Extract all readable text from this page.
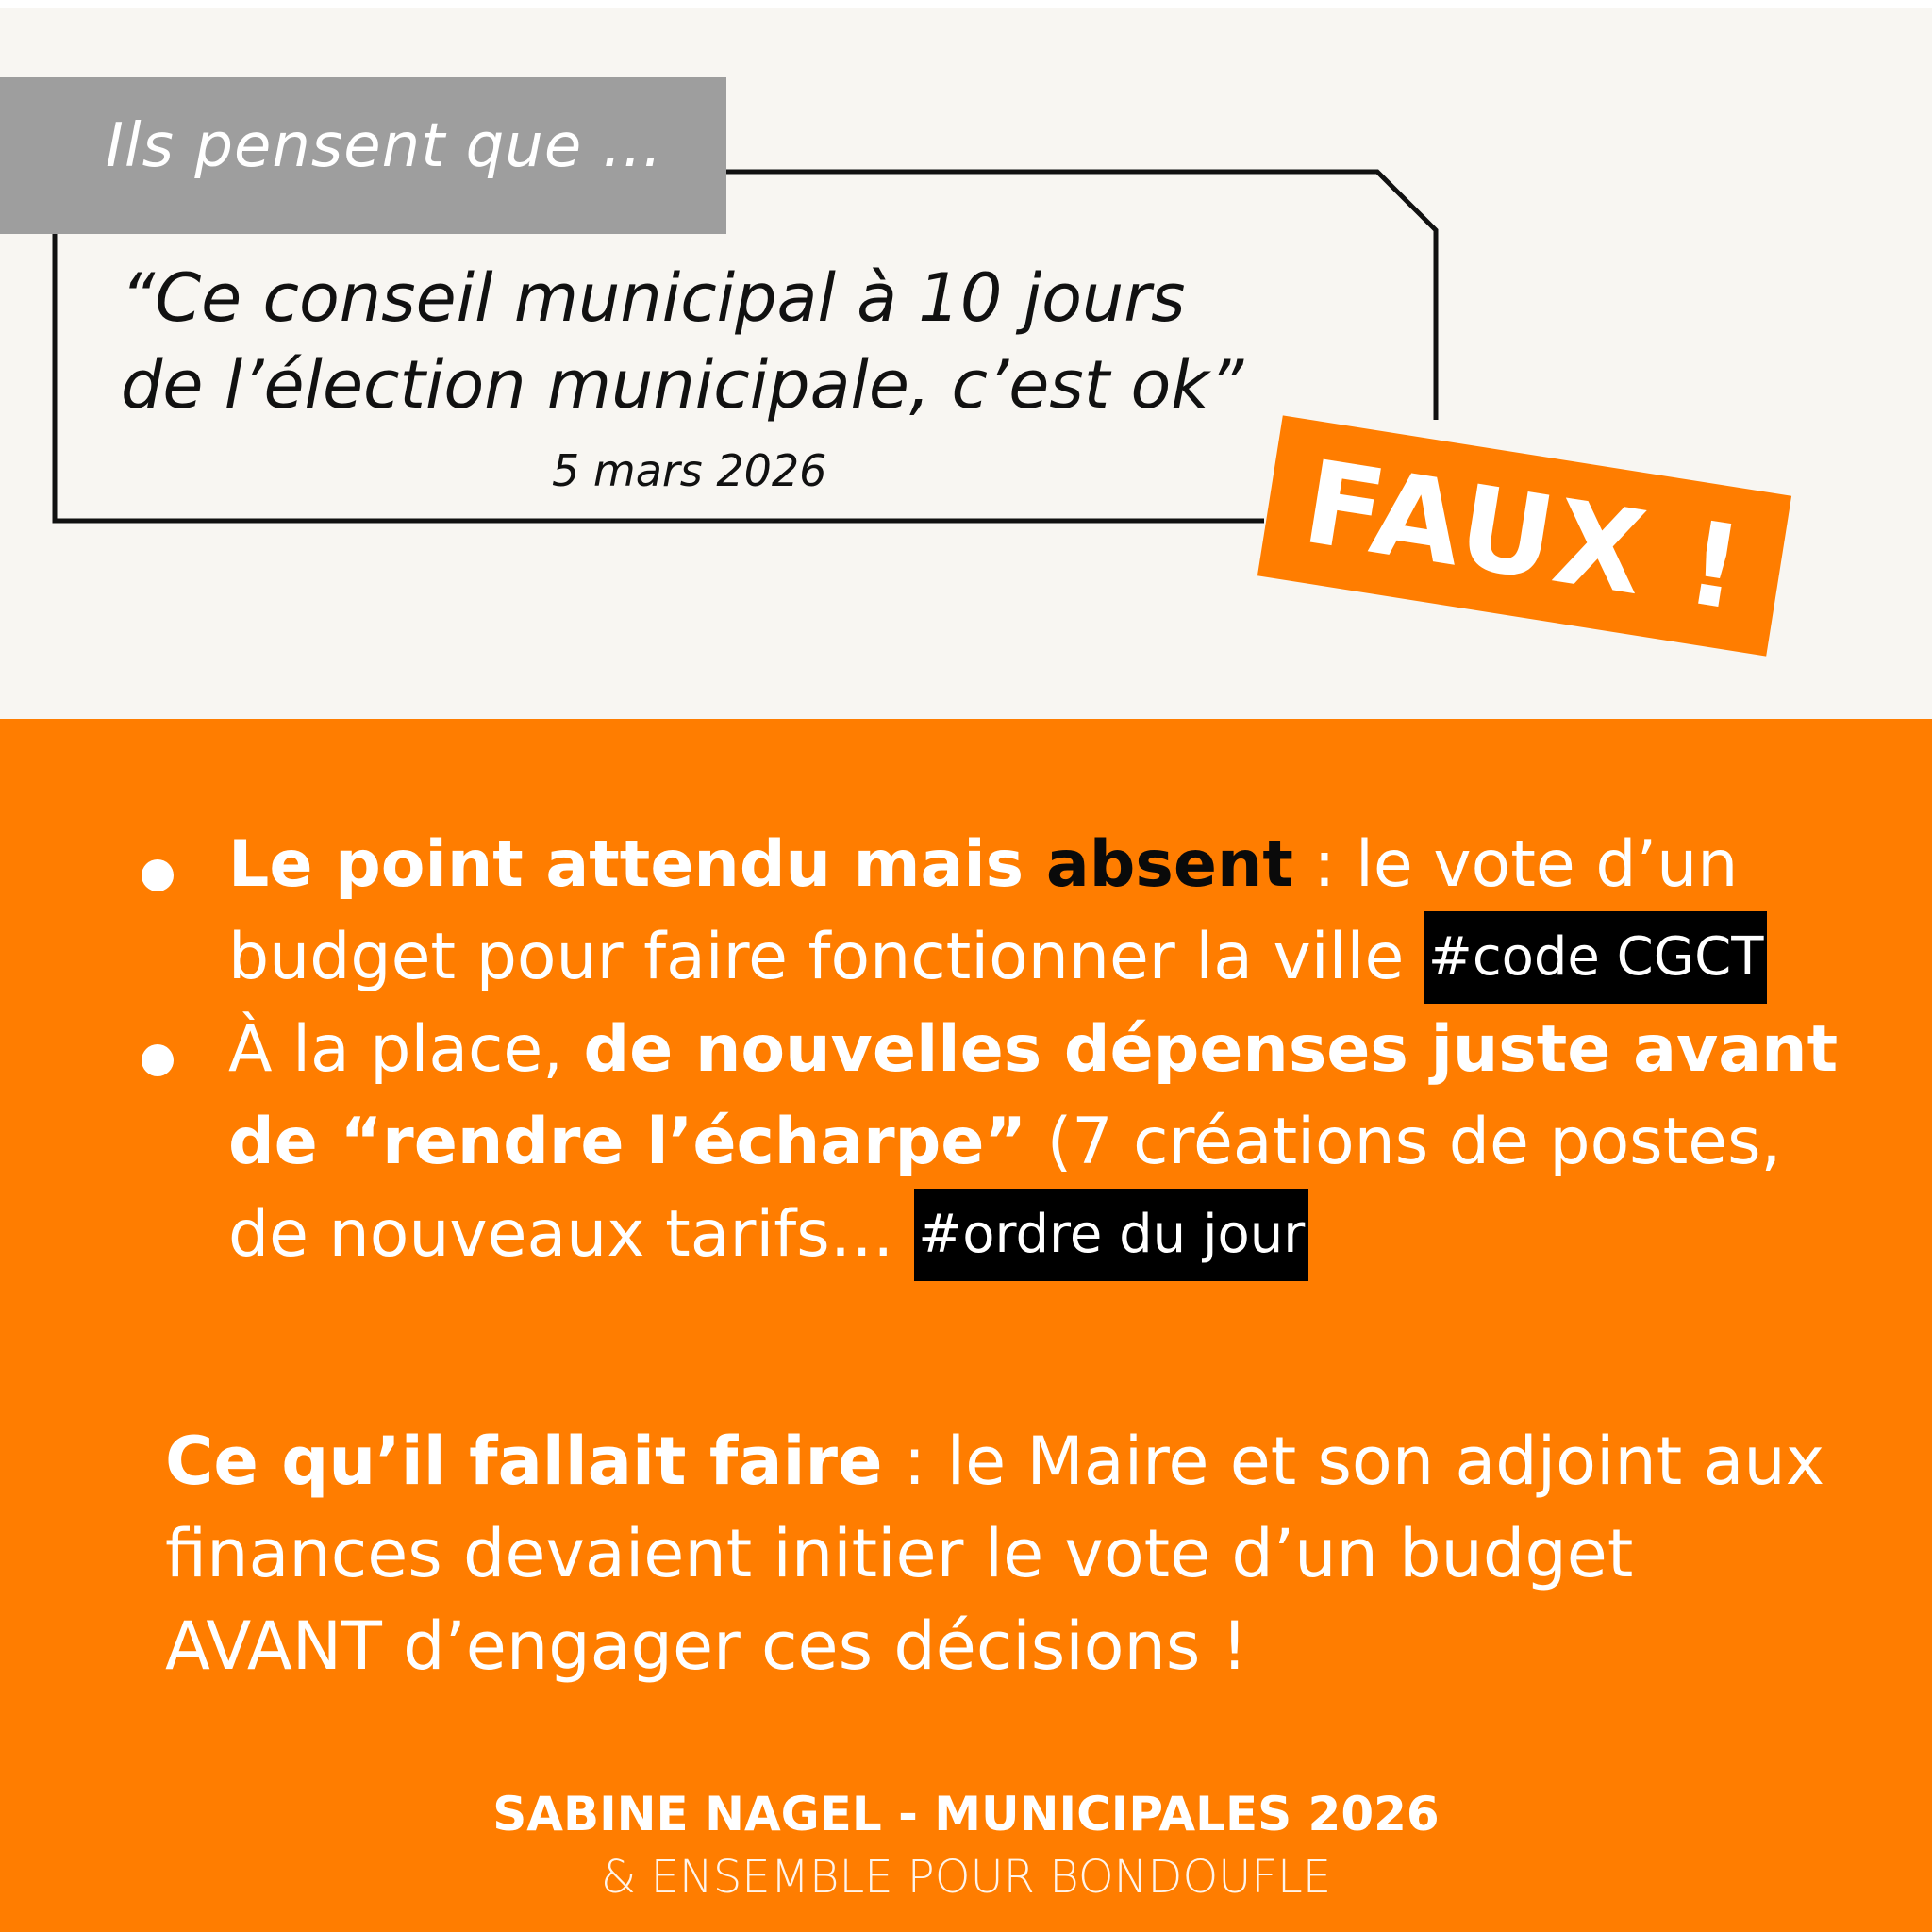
Ils pensent que ...
“Ce conseil municipal à 10 jours
de l’élection municipale, c’est ok”
5 mars 2026	FAUX !
Le point attendu mais absent : le vote d’un budget pour faire fonctionner la ville #code CGCT
À la place, de nouvelles dépenses juste avant de “rendre l’écharpe” (7 créations de postes, de nouveaux tarifs… #ordre du jour
Ce qu’il fallait faire : le Maire et son adjoint aux finances devaient initier le vote d’un budget AVANT d’engager ces décisions !
SABINE NAGEL - MUNICIPALES 2026
& ENSEMBLE POUR BONDOUFLE
